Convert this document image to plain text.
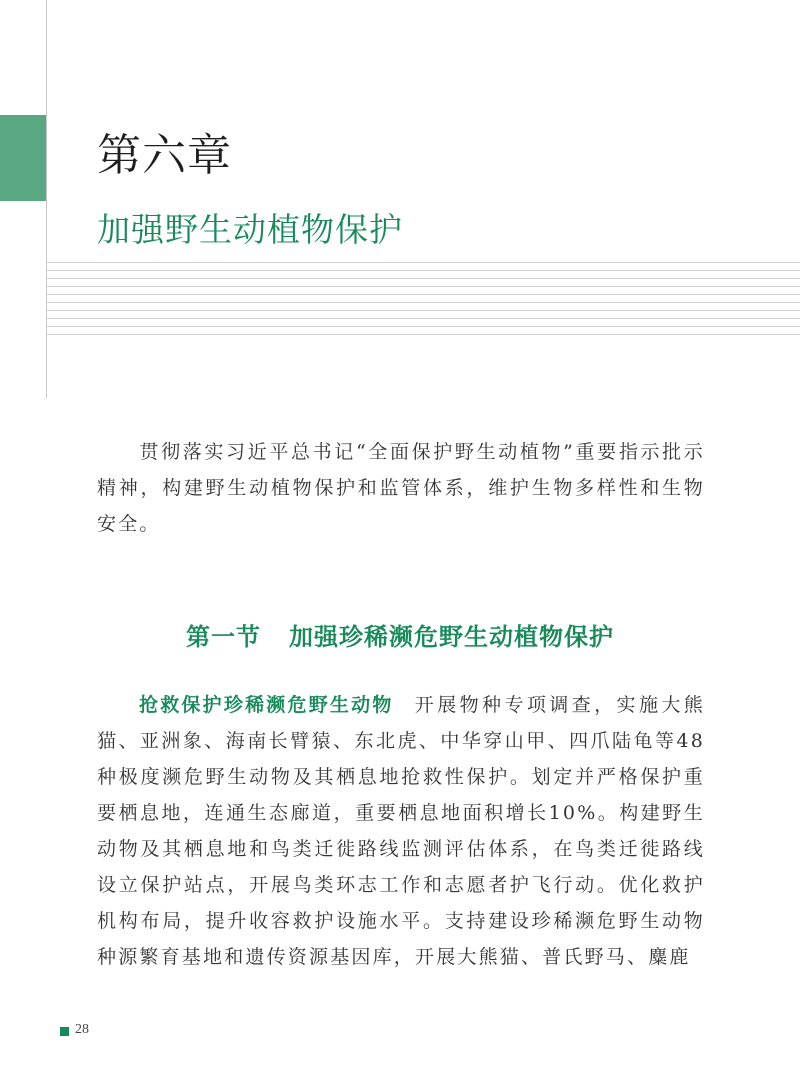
第六章
加强野生动植物保护

贯彻落实习近平总书记“全面保护野生动植物”重要指示批示精神，构建野生动植物保护和监管体系，维护生物多样性和生物安全。

第一节 加强珍稀濒危野生动植物保护

抢救保护珍稀濒危野生动物 开展物种专项调查，实施大熊猫、亚洲象、海南长臂猿、东北虎、中华穿山甲、四爪陆龟等48种极度濒危野生动物及其栖息地抢救性保护。划定并严格保护重要栖息地，连通生态廊道，重要栖息地面积增长10%。构建野生动物及其栖息地和鸟类迁徙路线监测评估体系，在鸟类迁徙路线设立保护站点，开展鸟类环志工作和志愿者护飞行动。优化救护机构布局，提升收容救护设施水平。支持建设珍稀濒危野生动物种源繁育基地和遗传资源基因库，开展大熊猫、普氏野马、麋鹿

28
